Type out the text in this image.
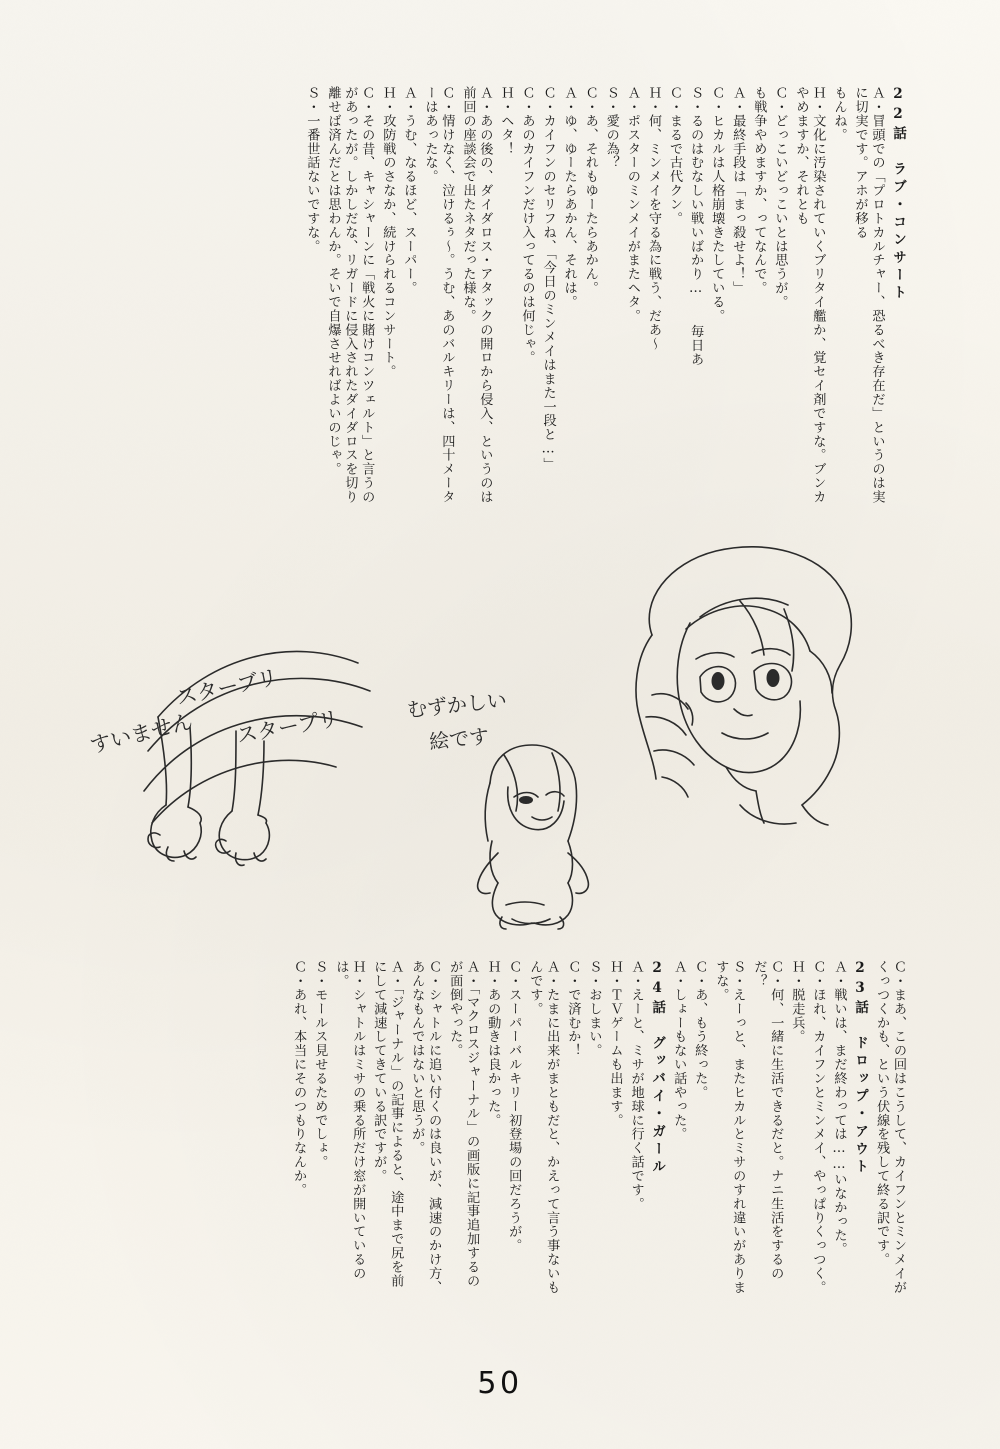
22話　ラブ・コンサート
Ａ・冒頭での「プロトカルチャー、恐るべき存在だ」というのは実に切実です。アホが移る
もんね。
Ｈ・文化に汚染されていくブリタイ艦か、覚セイ剤ですな。ブンカやめますか、それとも
Ｃ・どっこいどっこいとは思うが。
も戦争やめますか、ってなんで。
Ａ・最終手段は「まっ殺せよ！」
Ｃ・ヒカルは人格崩壊きたしている。
Ｓ・るのはむなしい戦いばかり…　　毎日あ
Ｃ・まるで古代クン。
Ｈ・何、ミンメイを守る為に戦う、だあ～
Ａ・ポスターのミンメイがまたヘタ。
Ｓ・愛の為？
Ｃ・あ、それもゆーたらあかん。
Ａ・ゆ、ゆーたらあかん、それは。
Ｃ・カイフンのセリフね、「今日のミンメイはまた一段と…」
Ｃ・あのカイフンだけ入ってるのは何じゃ。
Ｈ・ヘタ！
Ａ・あの後の、ダイダロス・アタックの開ロから侵入、というのは前回の座談会で出たネタだった様な。
Ｃ・情けなく、泣けるぅ～。うむ、あのバルキリーは、四十メーターはあったな。
Ａ・うむ、なるほど、スーパー。
Ｈ・攻防戦のさなか、続けられるコンサート。
Ｃ・その昔、キャシャーンに「戦火に賭けコンツェルト」と言うのがあったが。しかしだな、リガードに侵入されたダイダロスを切り離せば済んだとは思わんか。そいで自爆させればよいのじゃ。
Ｓ・一番世話ないですな。
すいません
スターブリ
スタープリ
むずかしい
絵です
Ｃ・まあ、この回はこうして、カイフンとミンメイがくっつくかも、という伏線を残して終る訳です。
23話　ドロップ・アウト
Ａ・戦いは、まだ終わっては……いなかった。
Ｃ・ほれ、カイフンとミンメイ、やっぱりくっつく。
Ｈ・脱走兵。
Ｃ・何、一緒に生活できるだと。ナニ生活をするのだ？
Ｓ・えーっと、またヒカルとミサのすれ違いがありますな。
Ｃ・あ、もう終った。
Ａ・しょーもない話やった。
24話　グッバイ・ガール
Ａ・えーと、ミサが地球に行く話です。
Ｈ・ＴＶゲームも出ます。
Ｓ・おしまい。
Ｃ・で済むか！
Ａ・たまに出来がまともだと、かえって言う事ないもんです。
Ｃ・スーパーバルキリー初登場の回だろうが。
Ｈ・あの動きは良かった。
Ａ・「マクロスジャーナル」の画版に記事追加するのが面倒やった。
Ｃ・シャトルに追い付くのは良いが、減速のかけ方、あんなもんではないと思うが。
Ａ・「ジャーナル」の記事によると、途中まで尻を前にして減速してきている訳ですが。
Ｈ・シャトルはミサの乗る所だけ窓が開いているのは。
Ｓ・モールス見せるためでしょ。
Ｃ・あれ、本当にそのつもりなんか。
50
